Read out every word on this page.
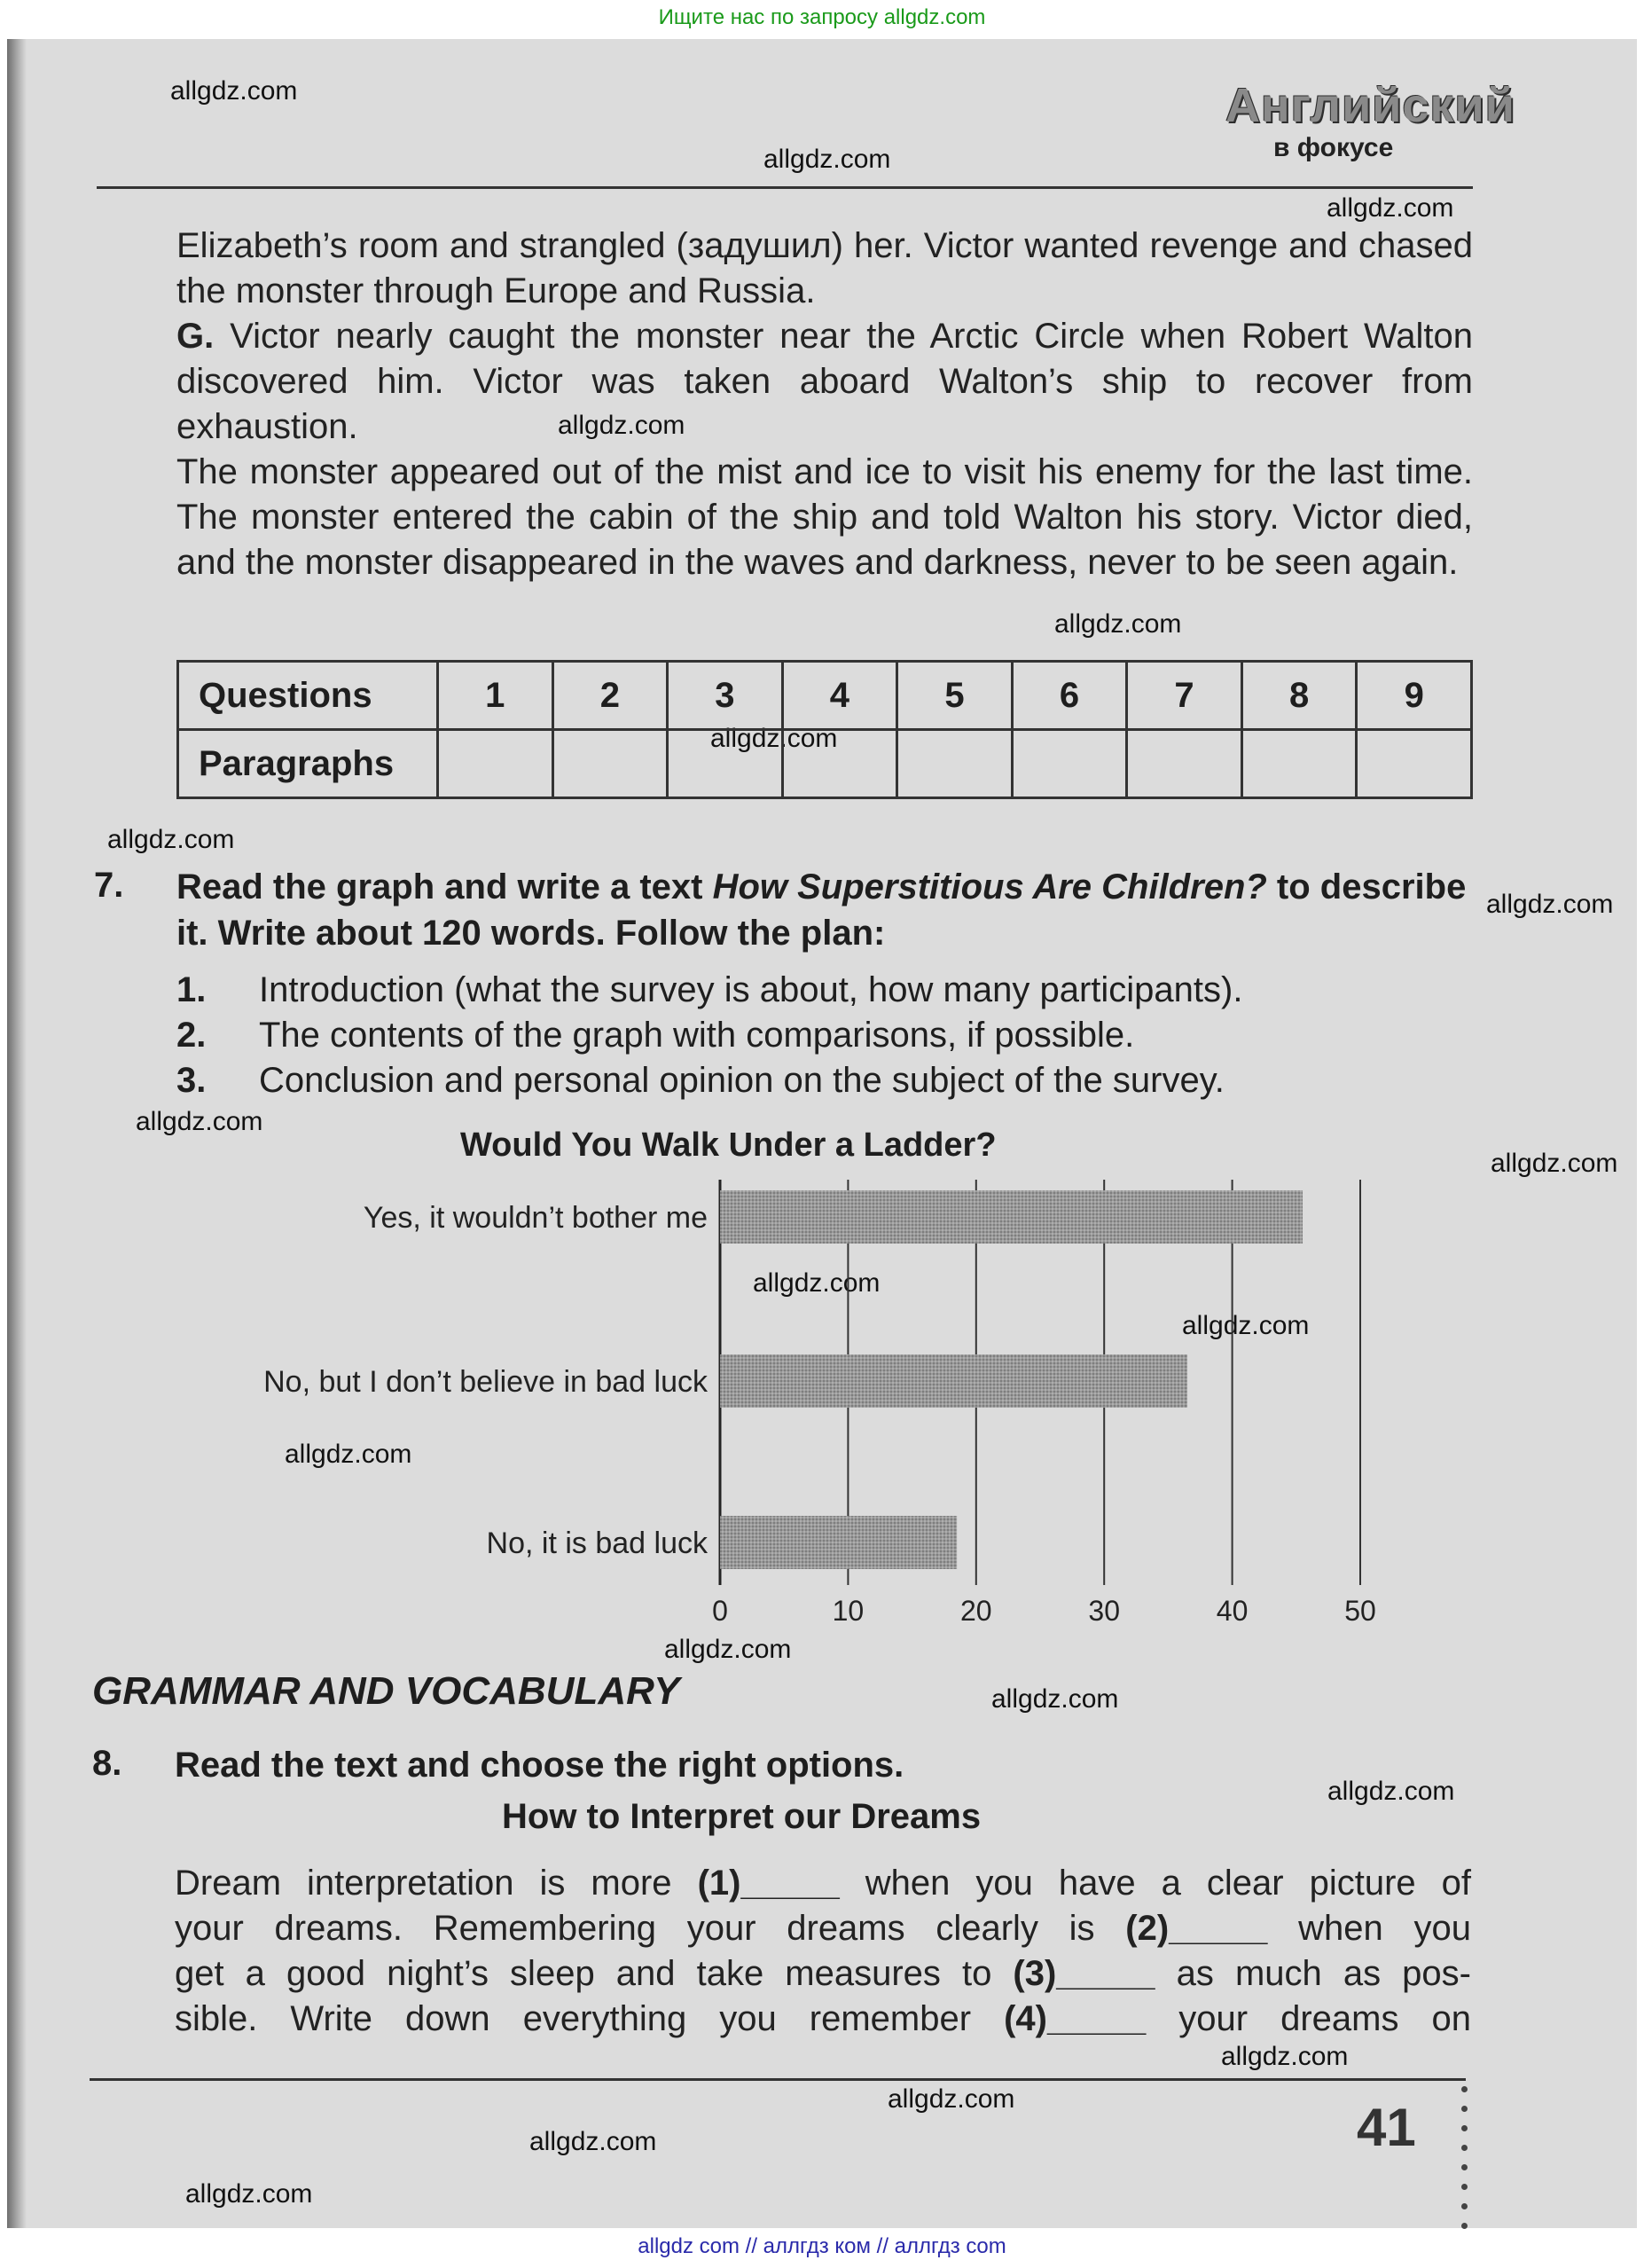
Ищите нас по запросу allgdz.com
allgdz.com
allgdz.com
allgdz.com
allgdz.com
allgdz.com
allgdz.com
allgdz.com
allgdz.com
allgdz.com
allgdz.com
allgdz.com
allgdz.com
allgdz.com
allgdz.com
allgdz.com
allgdz.com
allgdz.com
allgdz.com
allgdz.com
allgdz.com
Английский
в фокусе

Elizabeth’s room and strangled (задушил) her. Victor wanted revenge and chased the monster through Europe and Russia.

G. Victor nearly caught the monster near the Arctic Circle when Robert Walton discovered him. Victor was taken aboard Walton’s ship to recover from exhaustion.

The monster appeared out of the mist and ice to visit his enemy for the last time. The monster entered the cabin of the ship and told Walton his story. Victor died, and the monster disappeared in the waves and darkness, never to be seen again.

Questions	1	2	3	4	5	6	7	8	9
Paragraphs									
7. Read the graph and write a text How Superstitious Are Children? to describe it. Write about 120 words. Follow the plan:
1. Introduction (what the survey is about, how many participants).
2. The contents of the graph with comparisons, if possible.
3. Conclusion and personal opinion on the subject of the survey.
Would You Walk Under a Ladder?
0	10	20	30	40	50
Yes, it wouldn’t bother me
No, but I don’t believe in bad luck
No, it is bad luck
GRAMMAR AND VOCABULARY
8. Read the text and choose the right options.
How to Interpret our Dreams
Dream interpretation is more (1)_____ when you have a clear picture of
your dreams. Remembering your dreams clearly is (2)_____ when you
get a good night’s sleep and take measures to (3)_____ as much as pos-
sible. Write down everything you remember (4)_____ your dreams on
41
allgdz com // аллгдз ком // аллгдз com
